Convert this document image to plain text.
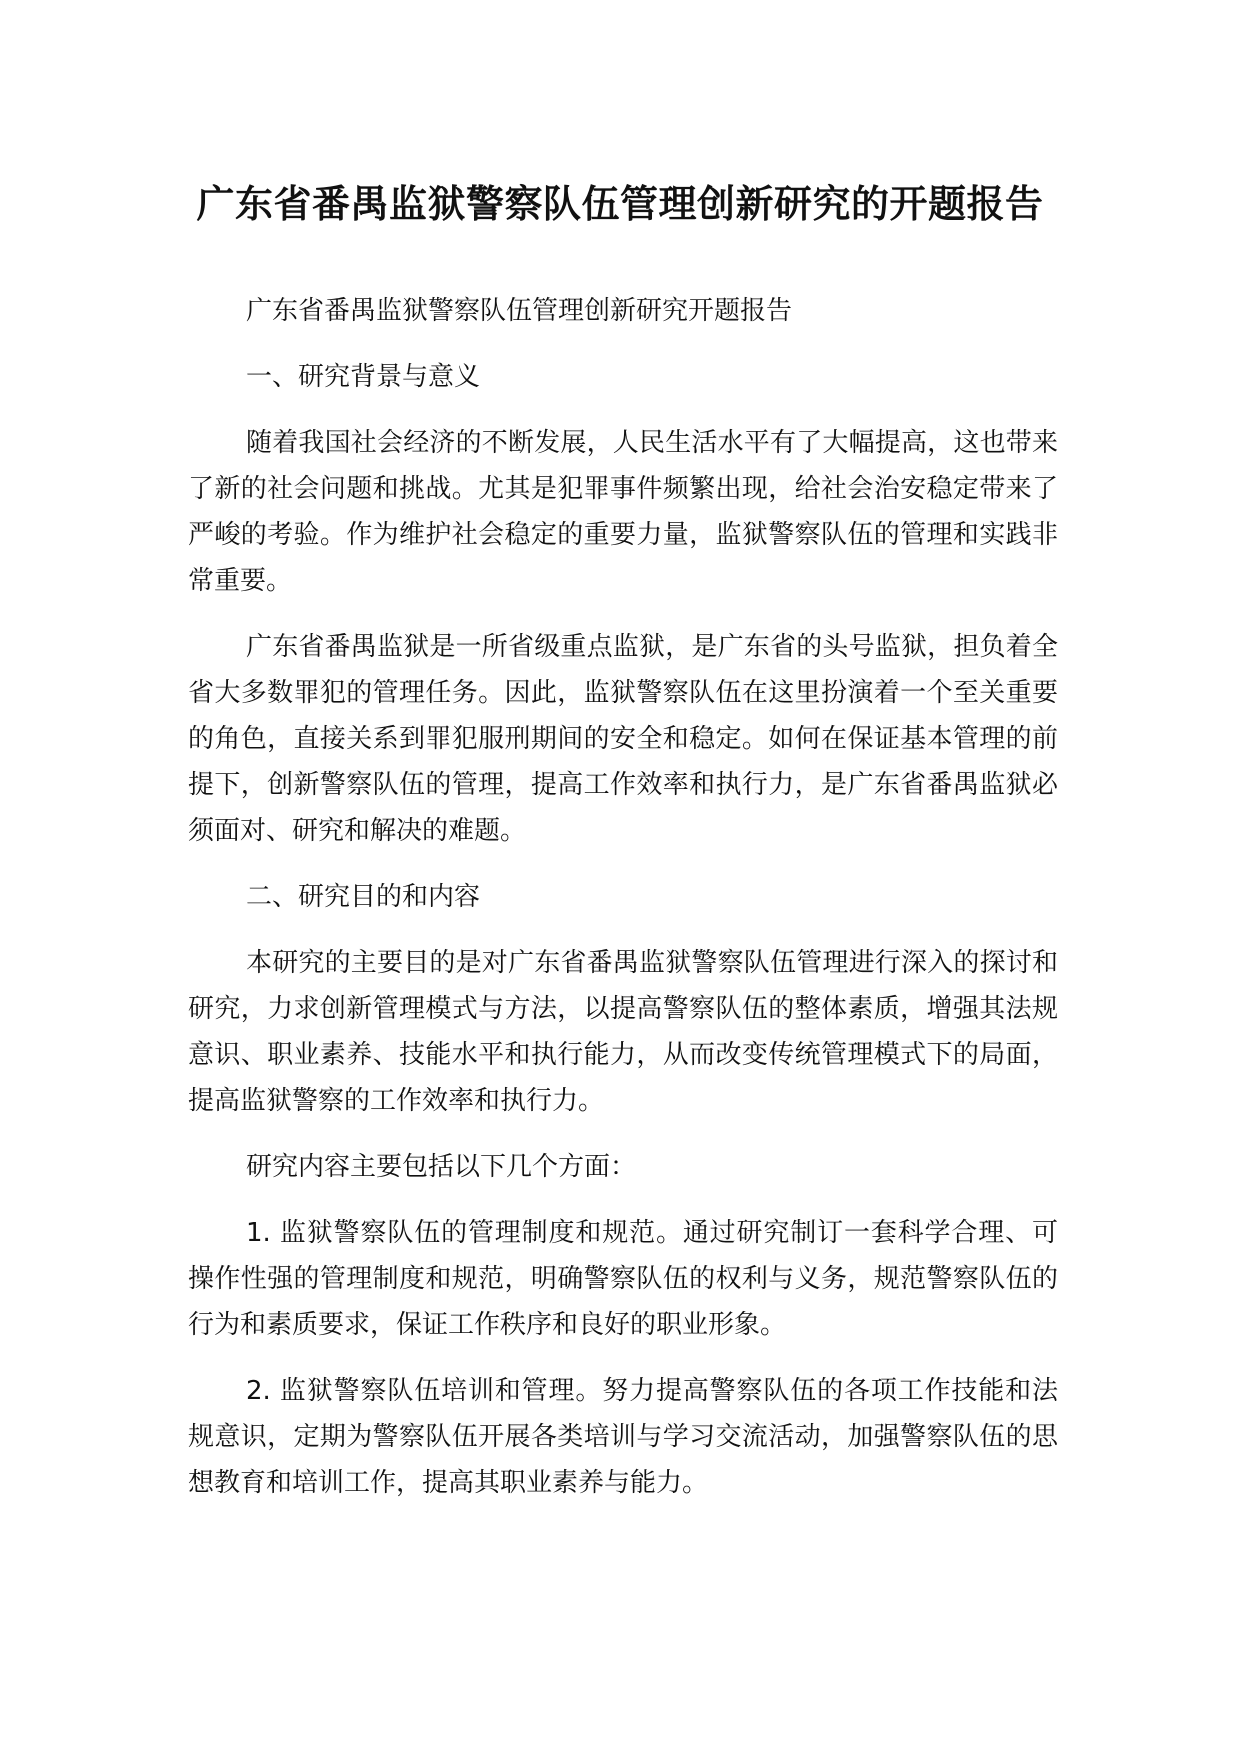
广东省番禺监狱警察队伍管理创新研究的开题报告

广东省番禺监狱警察队伍管理创新研究开题报告

一、研究背景与意义

随着我国社会经济的不断发展，人民生活水平有了大幅提高，这也带来了新的社会问题和挑战。尤其是犯罪事件频繁出现，给社会治安稳定带来了严峻的考验。作为维护社会稳定的重要力量，监狱警察队伍的管理和实践非常重要。

广东省番禺监狱是一所省级重点监狱，是广东省的头号监狱，担负着全省大多数罪犯的管理任务。因此，监狱警察队伍在这里扮演着一个至关重要的角色，直接关系到罪犯服刑期间的安全和稳定。如何在保证基本管理的前提下，创新警察队伍的管理，提高工作效率和执行力，是广东省番禺监狱必须面对、研究和解决的难题。

二、研究目的和内容

本研究的主要目的是对广东省番禺监狱警察队伍管理进行深入的探讨和研究，力求创新管理模式与方法，以提高警察队伍的整体素质，增强其法规意识、职业素养、技能水平和执行能力，从而改变传统管理模式下的局面，提高监狱警察的工作效率和执行力。

研究内容主要包括以下几个方面：

1. 监狱警察队伍的管理制度和规范。通过研究制订一套科学合理、可操作性强的管理制度和规范，明确警察队伍的权利与义务，规范警察队伍的行为和素质要求，保证工作秩序和良好的职业形象。

2. 监狱警察队伍培训和管理。努力提高警察队伍的各项工作技能和法规意识，定期为警察队伍开展各类培训与学习交流活动，加强警察队伍的思想教育和培训工作，提高其职业素养与能力。
